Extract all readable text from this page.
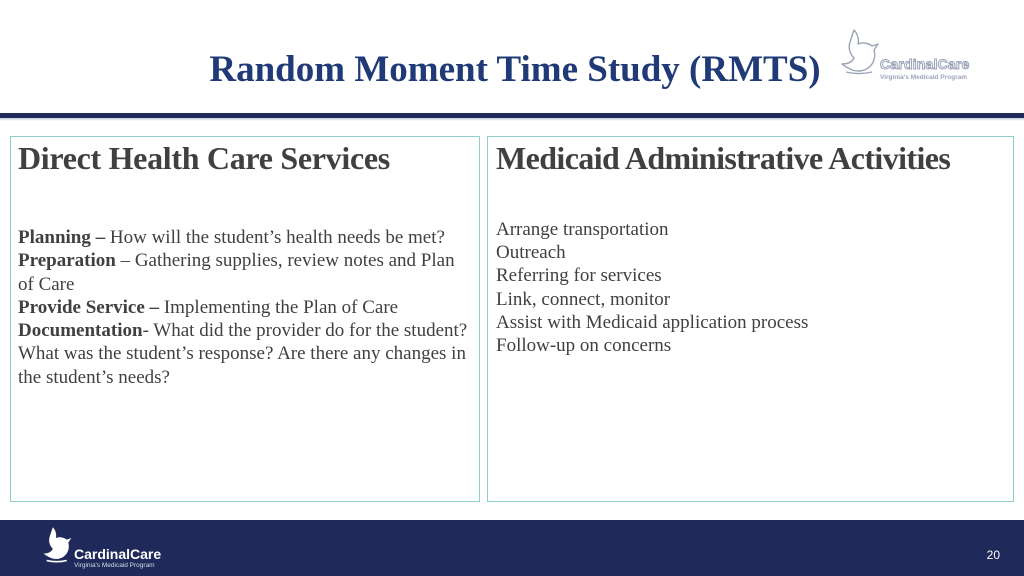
Random Moment Time Study (RMTS)	CardinalCare
Virginia's Medicaid Program
Direct Health Care Services
Planning – How will the student’s health needs be met?
Preparation – Gathering supplies, review notes and Plan of Care
Provide Service – Implementing the Plan of Care
Documentation- What did the provider do for the student? What was the student’s response? Are there any changes in the student’s needs?
Medicaid Administrative Activities
Arrange transportation
Outreach
Referring for services
Link, connect, monitor
Assist with Medicaid application process
Follow-up on concerns
CardinalCare
Virginia's Medicaid Program
20
